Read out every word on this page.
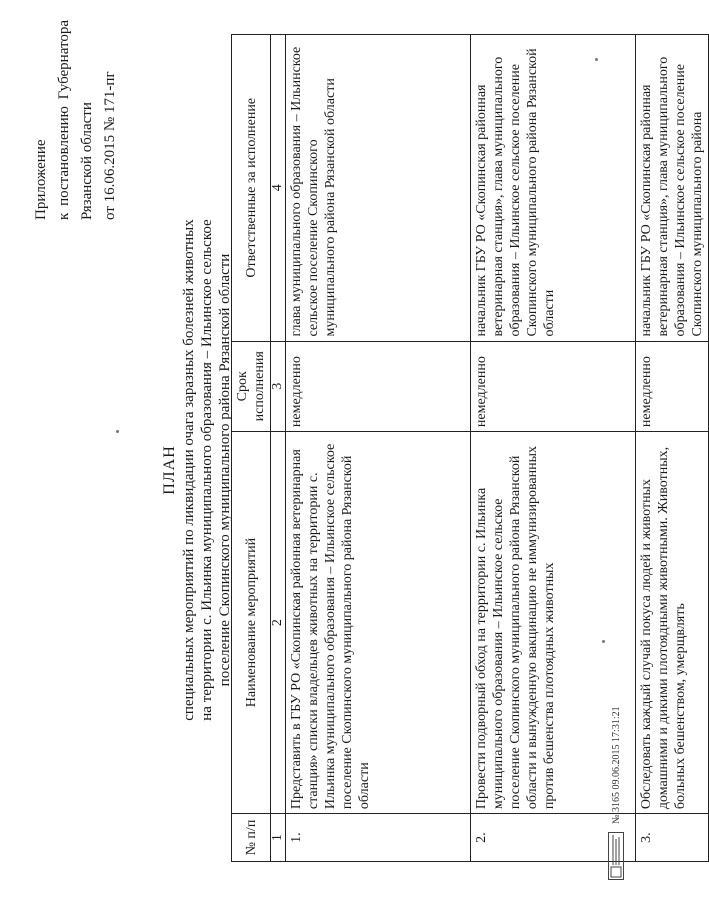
Приложение к
постановлению
Губернатора
Рязанской области от 16.06.2015 № 171-пг
ПЛАН специальных мероприятий по ликвидации очага заразных болезней животных на территории с. Ильинка муниципального образования – Ильинское сельское поселение Скопинского муниципального района Рязанской области
№ п/п	Наименование мероприятий	Срок исполнения	Ответственные за исполнение
1	2	3	4
1.	Представить в ГБУ РО «Скопинская районная ветеринарная станция» списки владельцев животных на территории с. Ильинка муниципального образования – Ильинское сельское поселение Скопинского муниципального района Рязанской области	немедленно	глава муниципального образования – Ильинское сельское поселение Скопинского муниципального района Рязанской области
2.	Провести подворный обход на территории с. Ильинка муниципального образования – Ильинское сельское поселение Скопинского муниципального района Рязанской области и вынужденную вакцинацию не иммунизированных против бешенства плотоядных животных	немедленно	начальник ГБУ РО «Скопинская районная ветеринарная станция», глава муниципального образования – Ильинское сельское поселение Скопинского муниципального района Рязанской области
3.	Обследовать каждый случай покуса людей и животных домашними и дикими плотоядными животными. Животных, больных бешенством, умерщвлять	немедленно	начальник ГБУ РО «Скопинская районная ветеринарная станция», глава муниципального образования – Ильинское сельское поселение Скопинского муниципального района
№ 3165 09.06.2015 17:31:21
